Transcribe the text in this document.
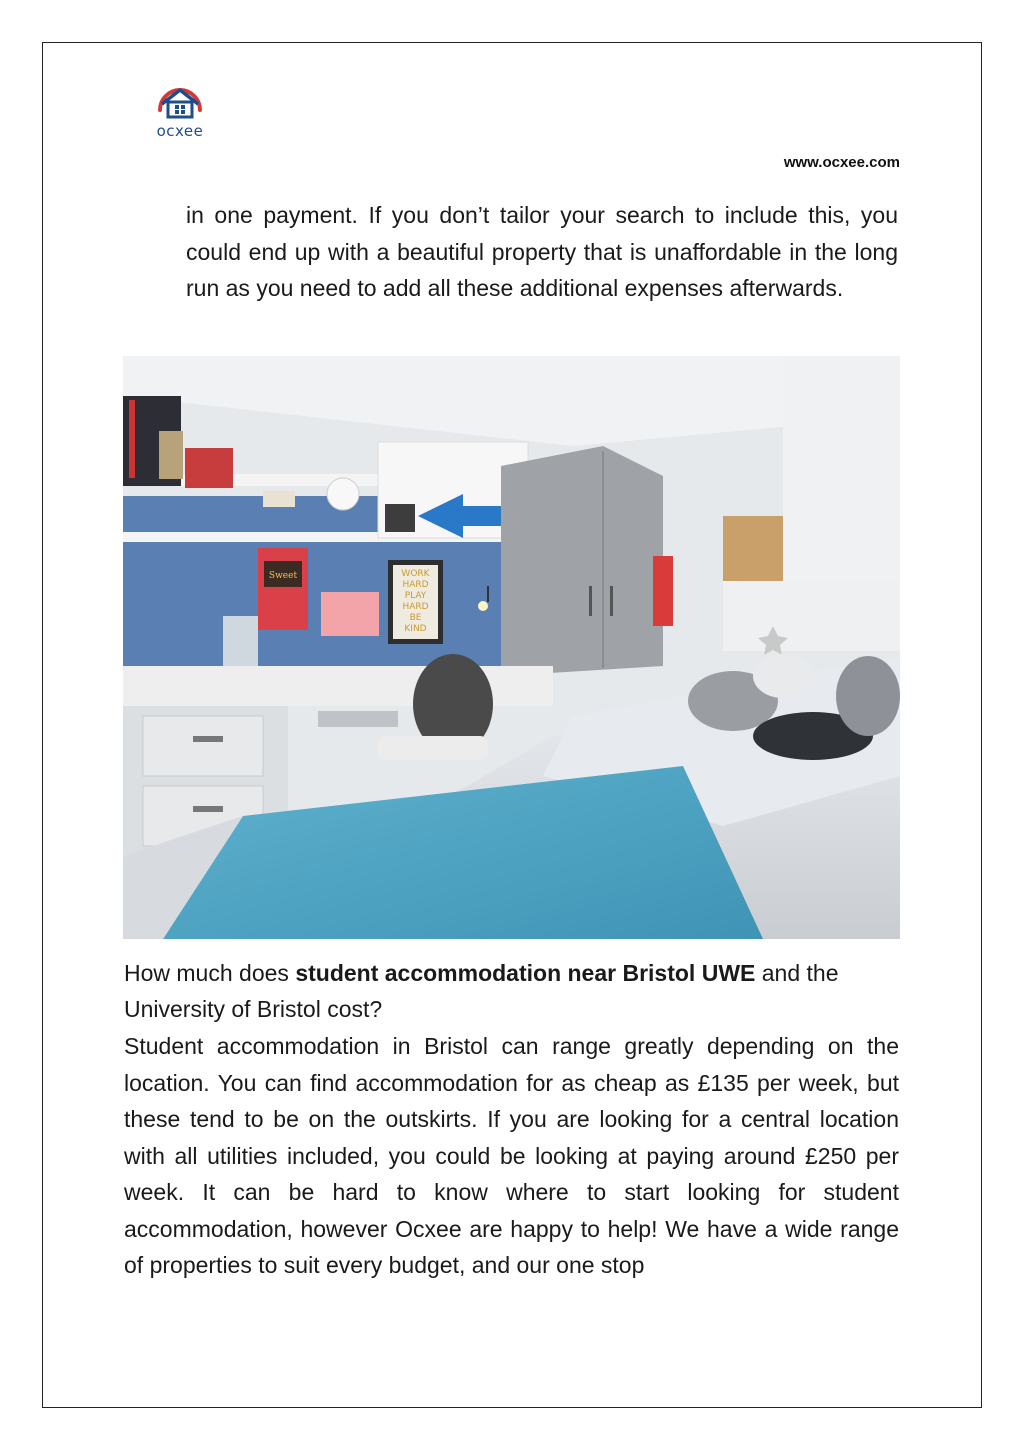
ocxee
www.ocxee.com
in one payment. If you don’t tailor your search to include this, you could end up with a beautiful property that is unaffordable in the long run as you need to add all these additional expenses afterwards.
WORK
HARD
PLAY
HARD
BE
KIND
Sweet
How much does student accommodation near Bristol UWE and the University of Bristol cost?
Student accommodation in Bristol can range greatly depending on the location. You can find accommodation for as cheap as £135 per week, but these tend to be on the outskirts. If you are looking for a central location with all utilities included, you could be looking at paying around £250 per week. It can be hard to know where to start looking for student accommodation, however Ocxee are happy to help! We have a wide range of properties to suit every budget, and our one stop
